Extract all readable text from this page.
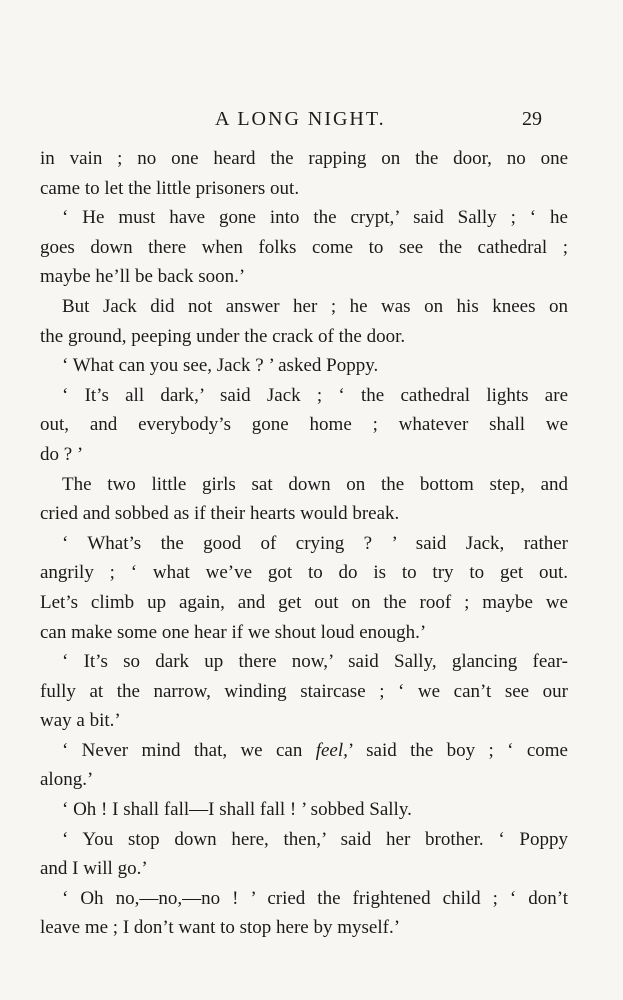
A LONG NIGHT.	29

in vain ; no one heard the rapping on the door, no one
came to let the little prisoners out.

‘ He must have gone into the crypt,’ said Sally ; ‘ he
goes down there when folks come to see the cathedral ;
maybe he’ll be back soon.’

But Jack did not answer her ; he was on his knees on
the ground, peeping under the crack of the door.

‘ What can you see, Jack ? ’ asked Poppy.

‘ It’s all dark,’ said Jack ; ‘ the cathedral lights are
out, and everybody’s gone home ; whatever shall we
do ? ’

The two little girls sat down on the bottom step, and
cried and sobbed as if their hearts would break.

‘ What’s the good of crying ? ’ said Jack, rather
angrily ; ‘ what we’ve got to do is to try to get out.
Let’s climb up again, and get out on the roof ; maybe we
can make some one hear if we shout loud enough.’

‘ It’s so dark up there now,’ said Sally, glancing fear-
fully at the narrow, winding staircase ; ‘ we can’t see our
way a bit.’

‘ Never mind that, we can feel,’ said the boy ; ‘ come
along.’

‘ Oh ! I shall fall—I shall fall ! ’ sobbed Sally.

‘ You stop down here, then,’ said her brother. ‘ Poppy
and I will go.’

‘ Oh no,—no,—no ! ’ cried the frightened child ; ‘ don’t
leave me ; I don’t want to stop here by myself.’
